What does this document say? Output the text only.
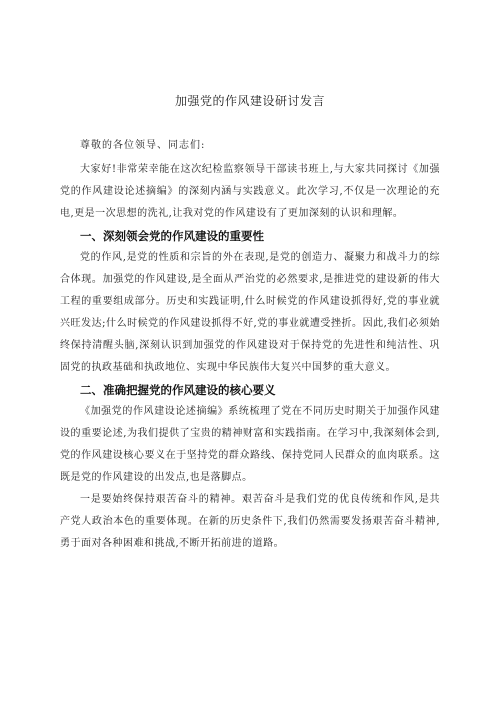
加强党的作风建设研讨发言

尊敬的各位领导、同志们:

大家好!非常荣幸能在这次纪检监察领导干部读书班上,与大家共同探讨《加强党的作风建设论述摘编》的深刻内涵与实践意义。此次学习,不仅是一次理论的充电,更是一次思想的洗礼,让我对党的作风建设有了更加深刻的认识和理解。

一、深刻领会党的作风建设的重要性

党的作风,是党的性质和宗旨的外在表现,是党的创造力、凝聚力和战斗力的综合体现。加强党的作风建设,是全面从严治党的必然要求,是推进党的建设新的伟大工程的重要组成部分。历史和实践证明,什么时候党的作风建设抓得好,党的事业就兴旺发达;什么时候党的作风建设抓得不好,党的事业就遭受挫折。因此,我们必须始终保持清醒头脑,深刻认识到加强党的作风建设对于保持党的先进性和纯洁性、巩固党的执政基础和执政地位、实现中华民族伟大复兴中国梦的重大意义。

二、准确把握党的作风建设的核心要义

《加强党的作风建设论述摘编》系统梳理了党在不同历史时期关于加强作风建设的重要论述,为我们提供了宝贵的精神财富和实践指南。在学习中,我深刻体会到,党的作风建设核心要义在于坚持党的群众路线、保持党同人民群众的血肉联系。这既是党的作风建设的出发点,也是落脚点。

一是要始终保持艰苦奋斗的精神。艰苦奋斗是我们党的优良传统和作风,是共产党人政治本色的重要体现。在新的历史条件下,我们仍然需要发扬艰苦奋斗精神,勇于面对各种困难和挑战,不断开拓前进的道路。
